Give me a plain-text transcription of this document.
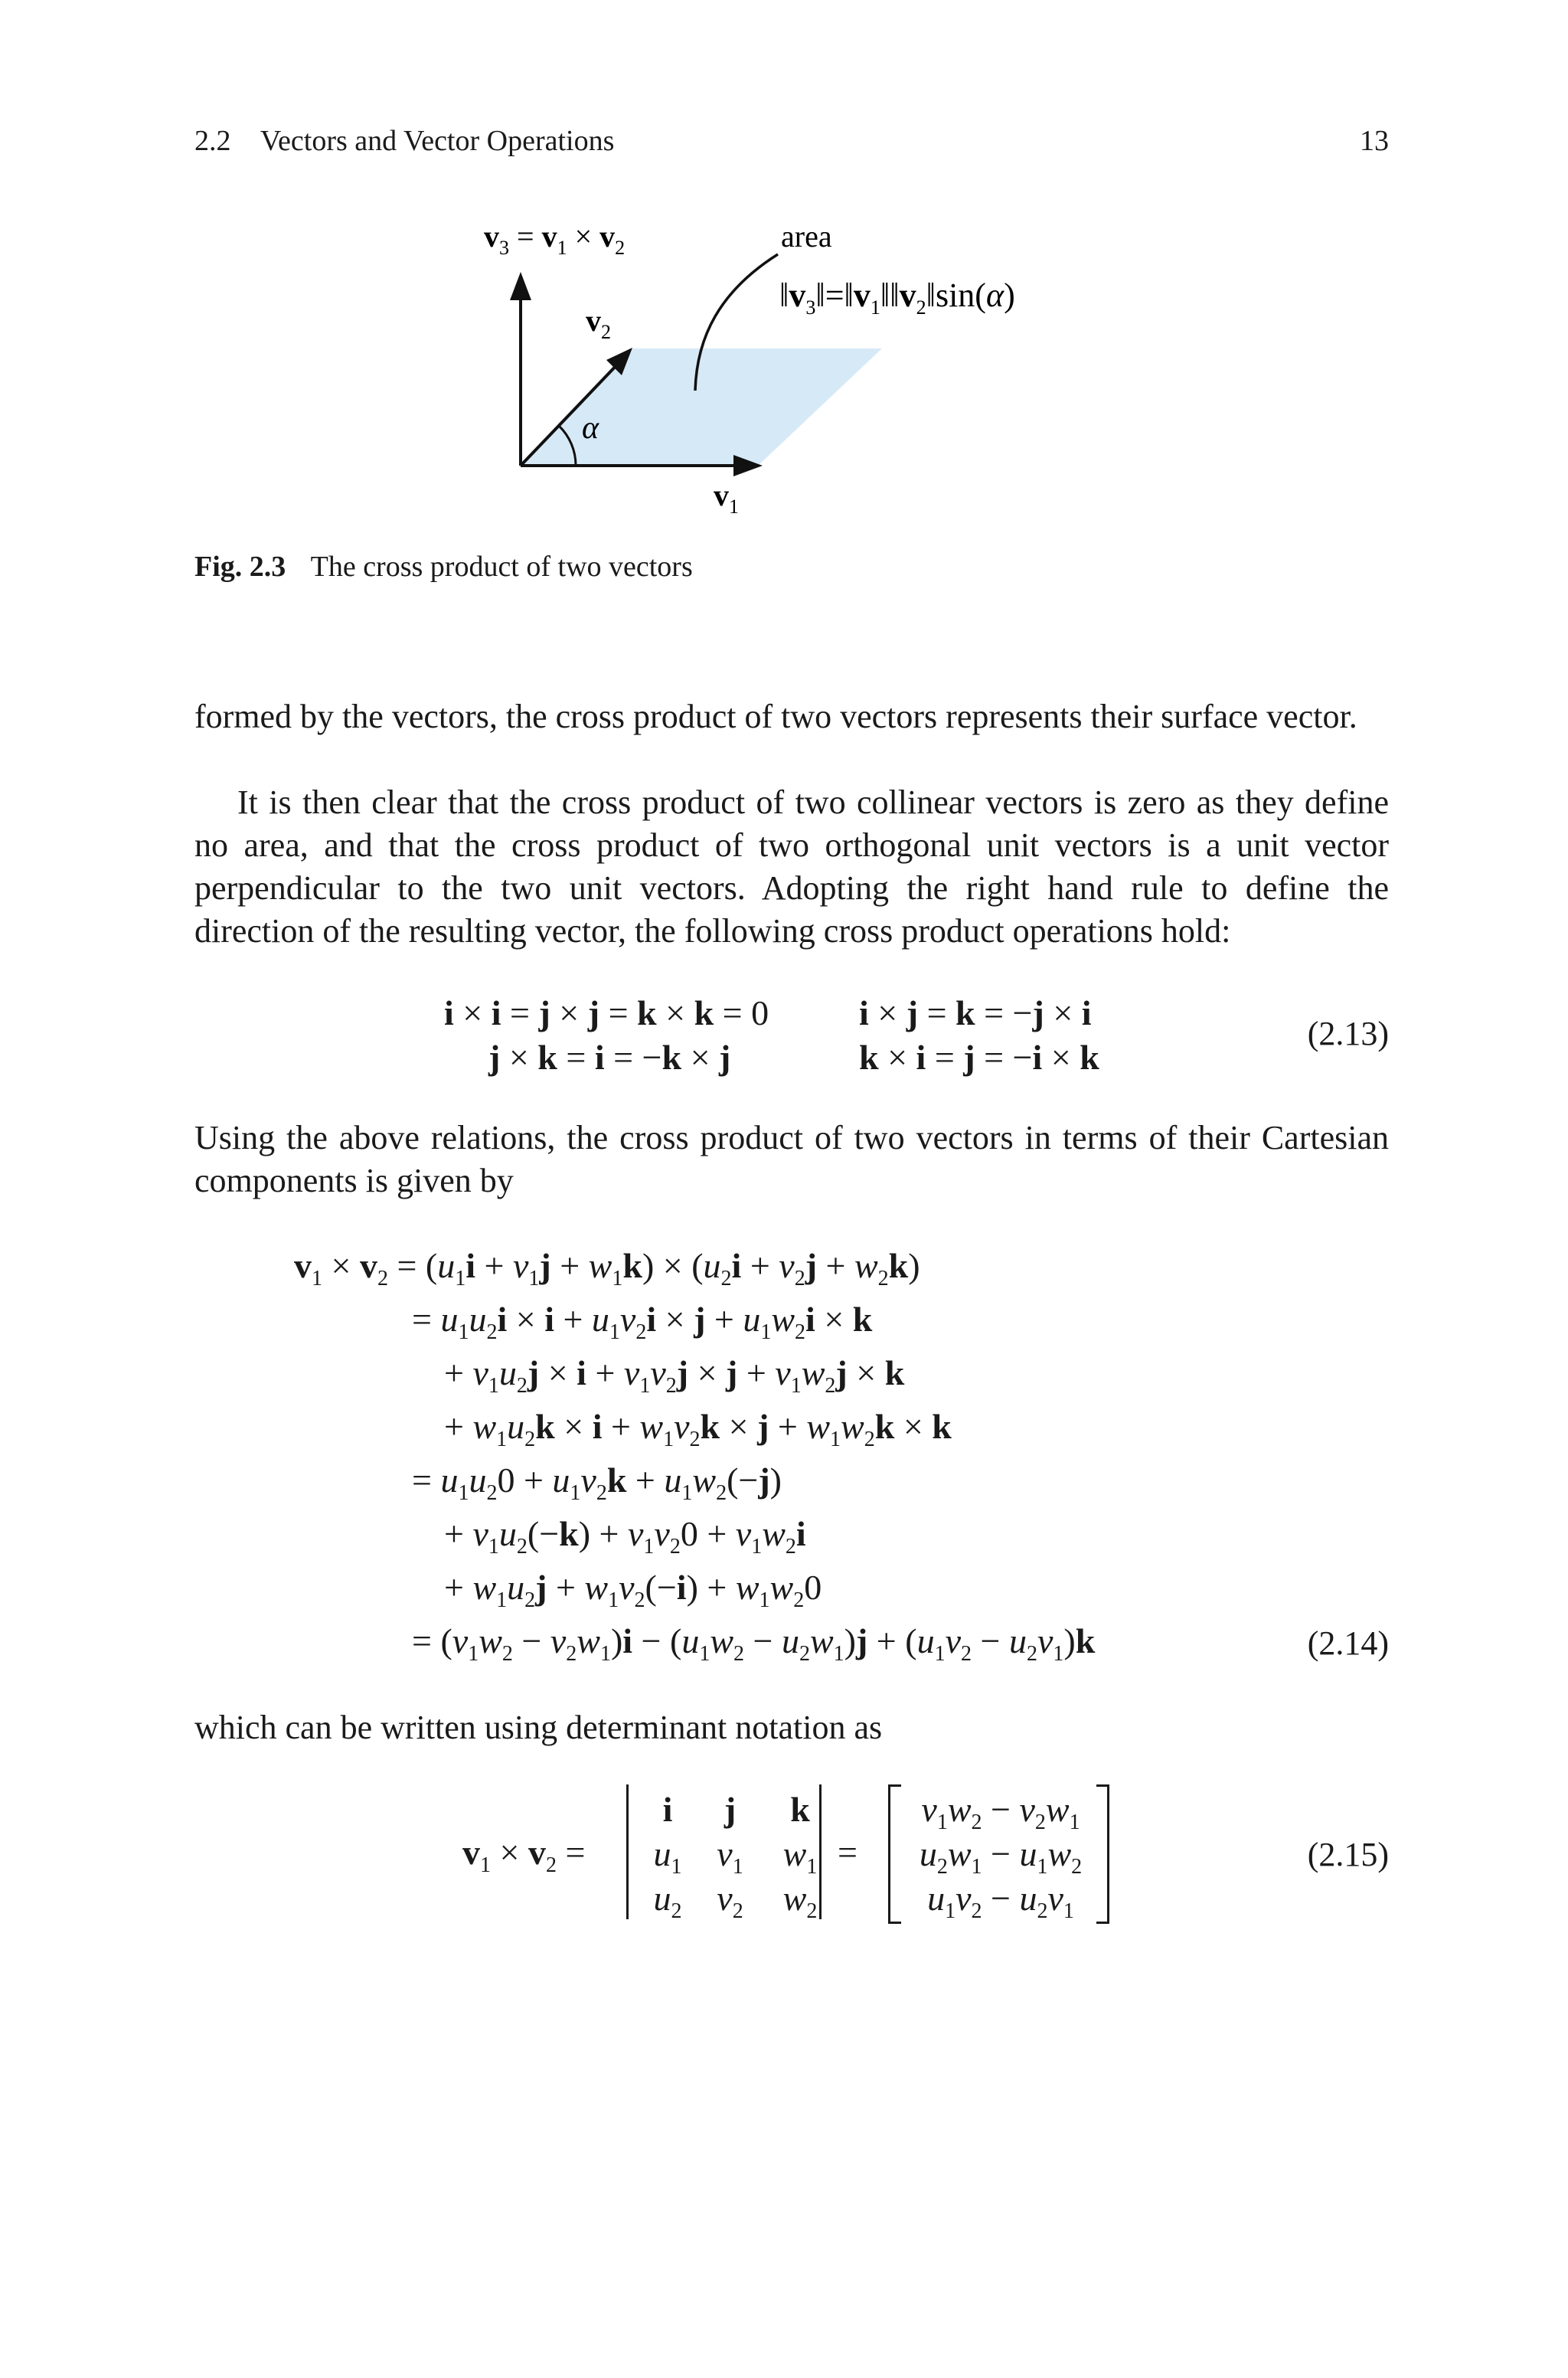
2.2 Vectors and Vector Operations	13
$v_3 = v_1 \times v_2$
$v_2$
α
$v_1$
area
$‖v_3‖=‖v_1‖‖v_2‖\sin(\alpha)$
Fig. 2.3 The cross product of two vectors

formed by the vectors, the cross product of two vectors represents their surface vector.

It is then clear that the cross product of two collinear vectors is zero as they define no area, and that the cross product of two orthogonal unit vectors is a unit vector perpendicular to the two unit vectors. Adopting the right hand rule to define the direction of the resulting vector, the following cross product operations hold:

i × i = j × j = k × k = 0	i × j = k = −j × i
j × k = i = −k × j	k × i = j = −i × k
(2.13)

Using the above relations, the cross product of two vectors in terms of their Cartesian components is given by

$v_1 \times v_2 = (u_1i + v_1j + w_1k) \times (u_2i + v_2j + w_2k)$
= $u_1u_2i \times i + u_1v_2i \times j + u_1w_2i \times k$
+ $v_1u_2j \times i + v_1v_2j \times j + v_1w_2j \times k$
+ $w_1u_2k \times i + w_1v_2k \times j + w_1w_2k \times k$
= $u_1u_20 + u_1v_2k + u_1w_2(-j)$
+ $v_1u_2(-k) + v_1v_20 + v_1w_2i$
+ $w_1u_2j + w_1v_2(-i) + w_1w_20$
= $(v_1w_2 - v_2w_1)i - (u_1w_2 - u_2w_1)j + (u_1v_2 - u_2v_1)k$	(2.14)

which can be written using determinant notation as

$v_1 \times v_2$ =
i j k
$u_1$ $v_1$ $w_1$
$u_2$ $v_2$ $w_2$
=
$v_1w_2 - v_2w_1$
$u_2w_1 - u_1w_2$
$u_1v_2 - u_2v_1$
(2.15)
